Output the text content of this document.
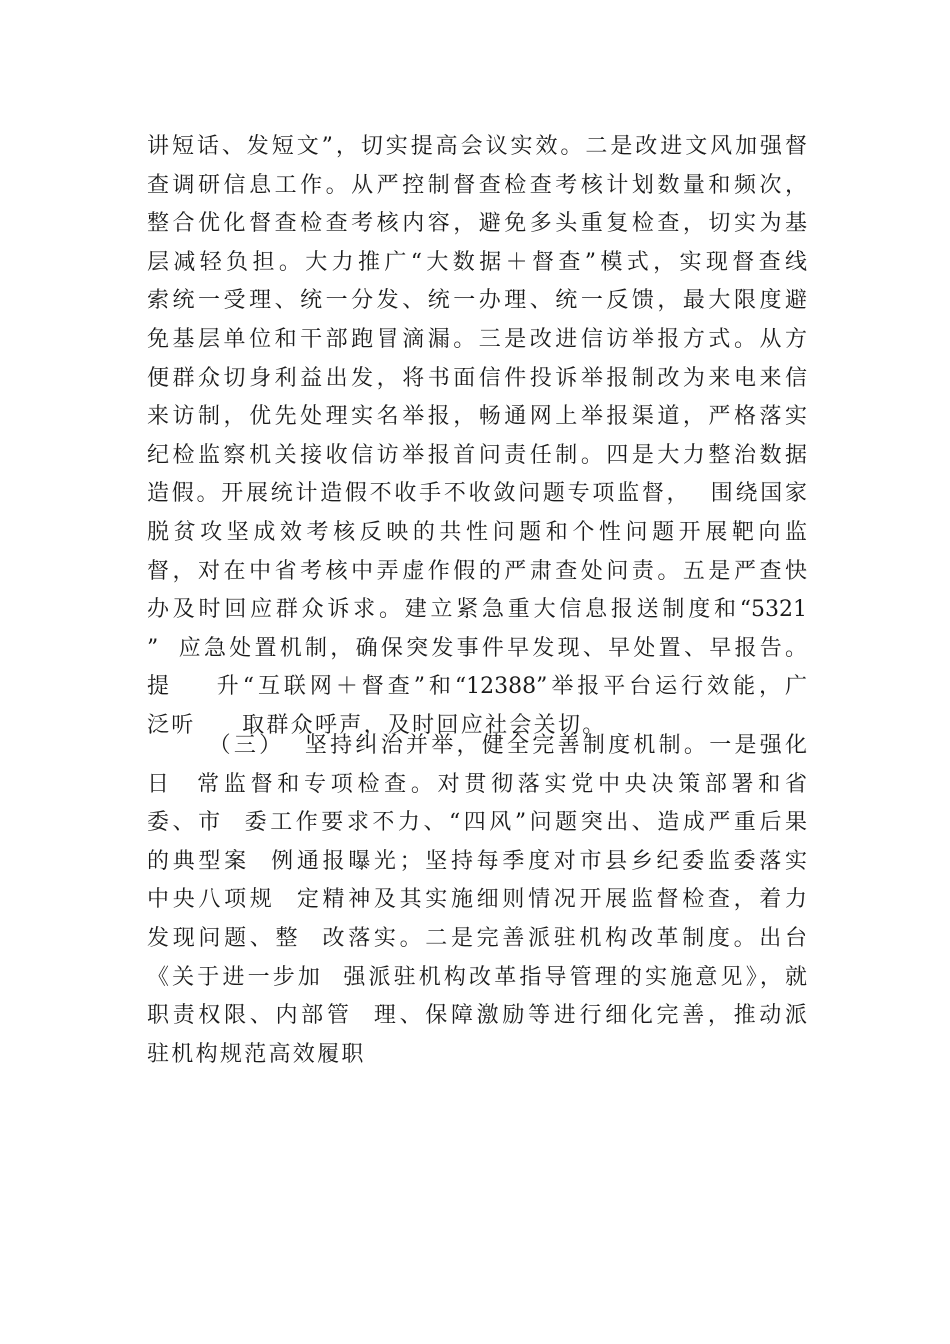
讲短话、发短文”，切实提高会议实效。二是改进文风加强督
查调研信息工作。从严控制督查检查考核计划数量和频次，
整合优化督查检查考核内容，避免多头重复检查，切实为基
层减轻负担。大力推广“大数据＋督查”模式，实现督查线
索统一受理、统一分发、统一办理、统一反馈，最大限度避
免基层单位和干部跑冒滴漏。三是改进信访举报方式。从方
便群众切身利益出发，将书面信件投诉举报制改为来电来信
来访制，优先处理实名举报，畅通网上举报渠道，严格落实
纪检监察机关接收信访举报首问责任制。四是大力整治数据
造假。开展统计造假不收手不收敛问题专项监督，  围绕国家
脱贫攻坚成效考核反映的共性问题和个性问题开展靶向监
督，对在中省考核中弄虚作假的严肃查处问责。五是严查快
办及时回应群众诉求。建立紧急重大信息报送制度和“5321
”  应急处置机制，确保突发事件早发现、早处置、早报告。
提    升“互联网＋督查”和“12388”举报平台运行效能，广
泛听     取群众呼声，及时回应社会关切。
（三）  坚持纠治并举，健全完善制度机制。一是强化
日  常监督和专项检查。对贯彻落实党中央决策部署和省
委、市  委工作要求不力、“四风”问题突出、造成严重后果
的典型案  例通报曝光；坚持每季度对市县乡纪委监委落实
中央八项规  定精神及其实施细则情况开展监督检查，着力
发现问题、整  改落实。二是完善派驻机构改革制度。出台
《关于进一步加  强派驻机构改革指导管理的实施意见》，就
职责权限、内部管  理、保障激励等进行细化完善，推动派
驻机构规范高效履职
